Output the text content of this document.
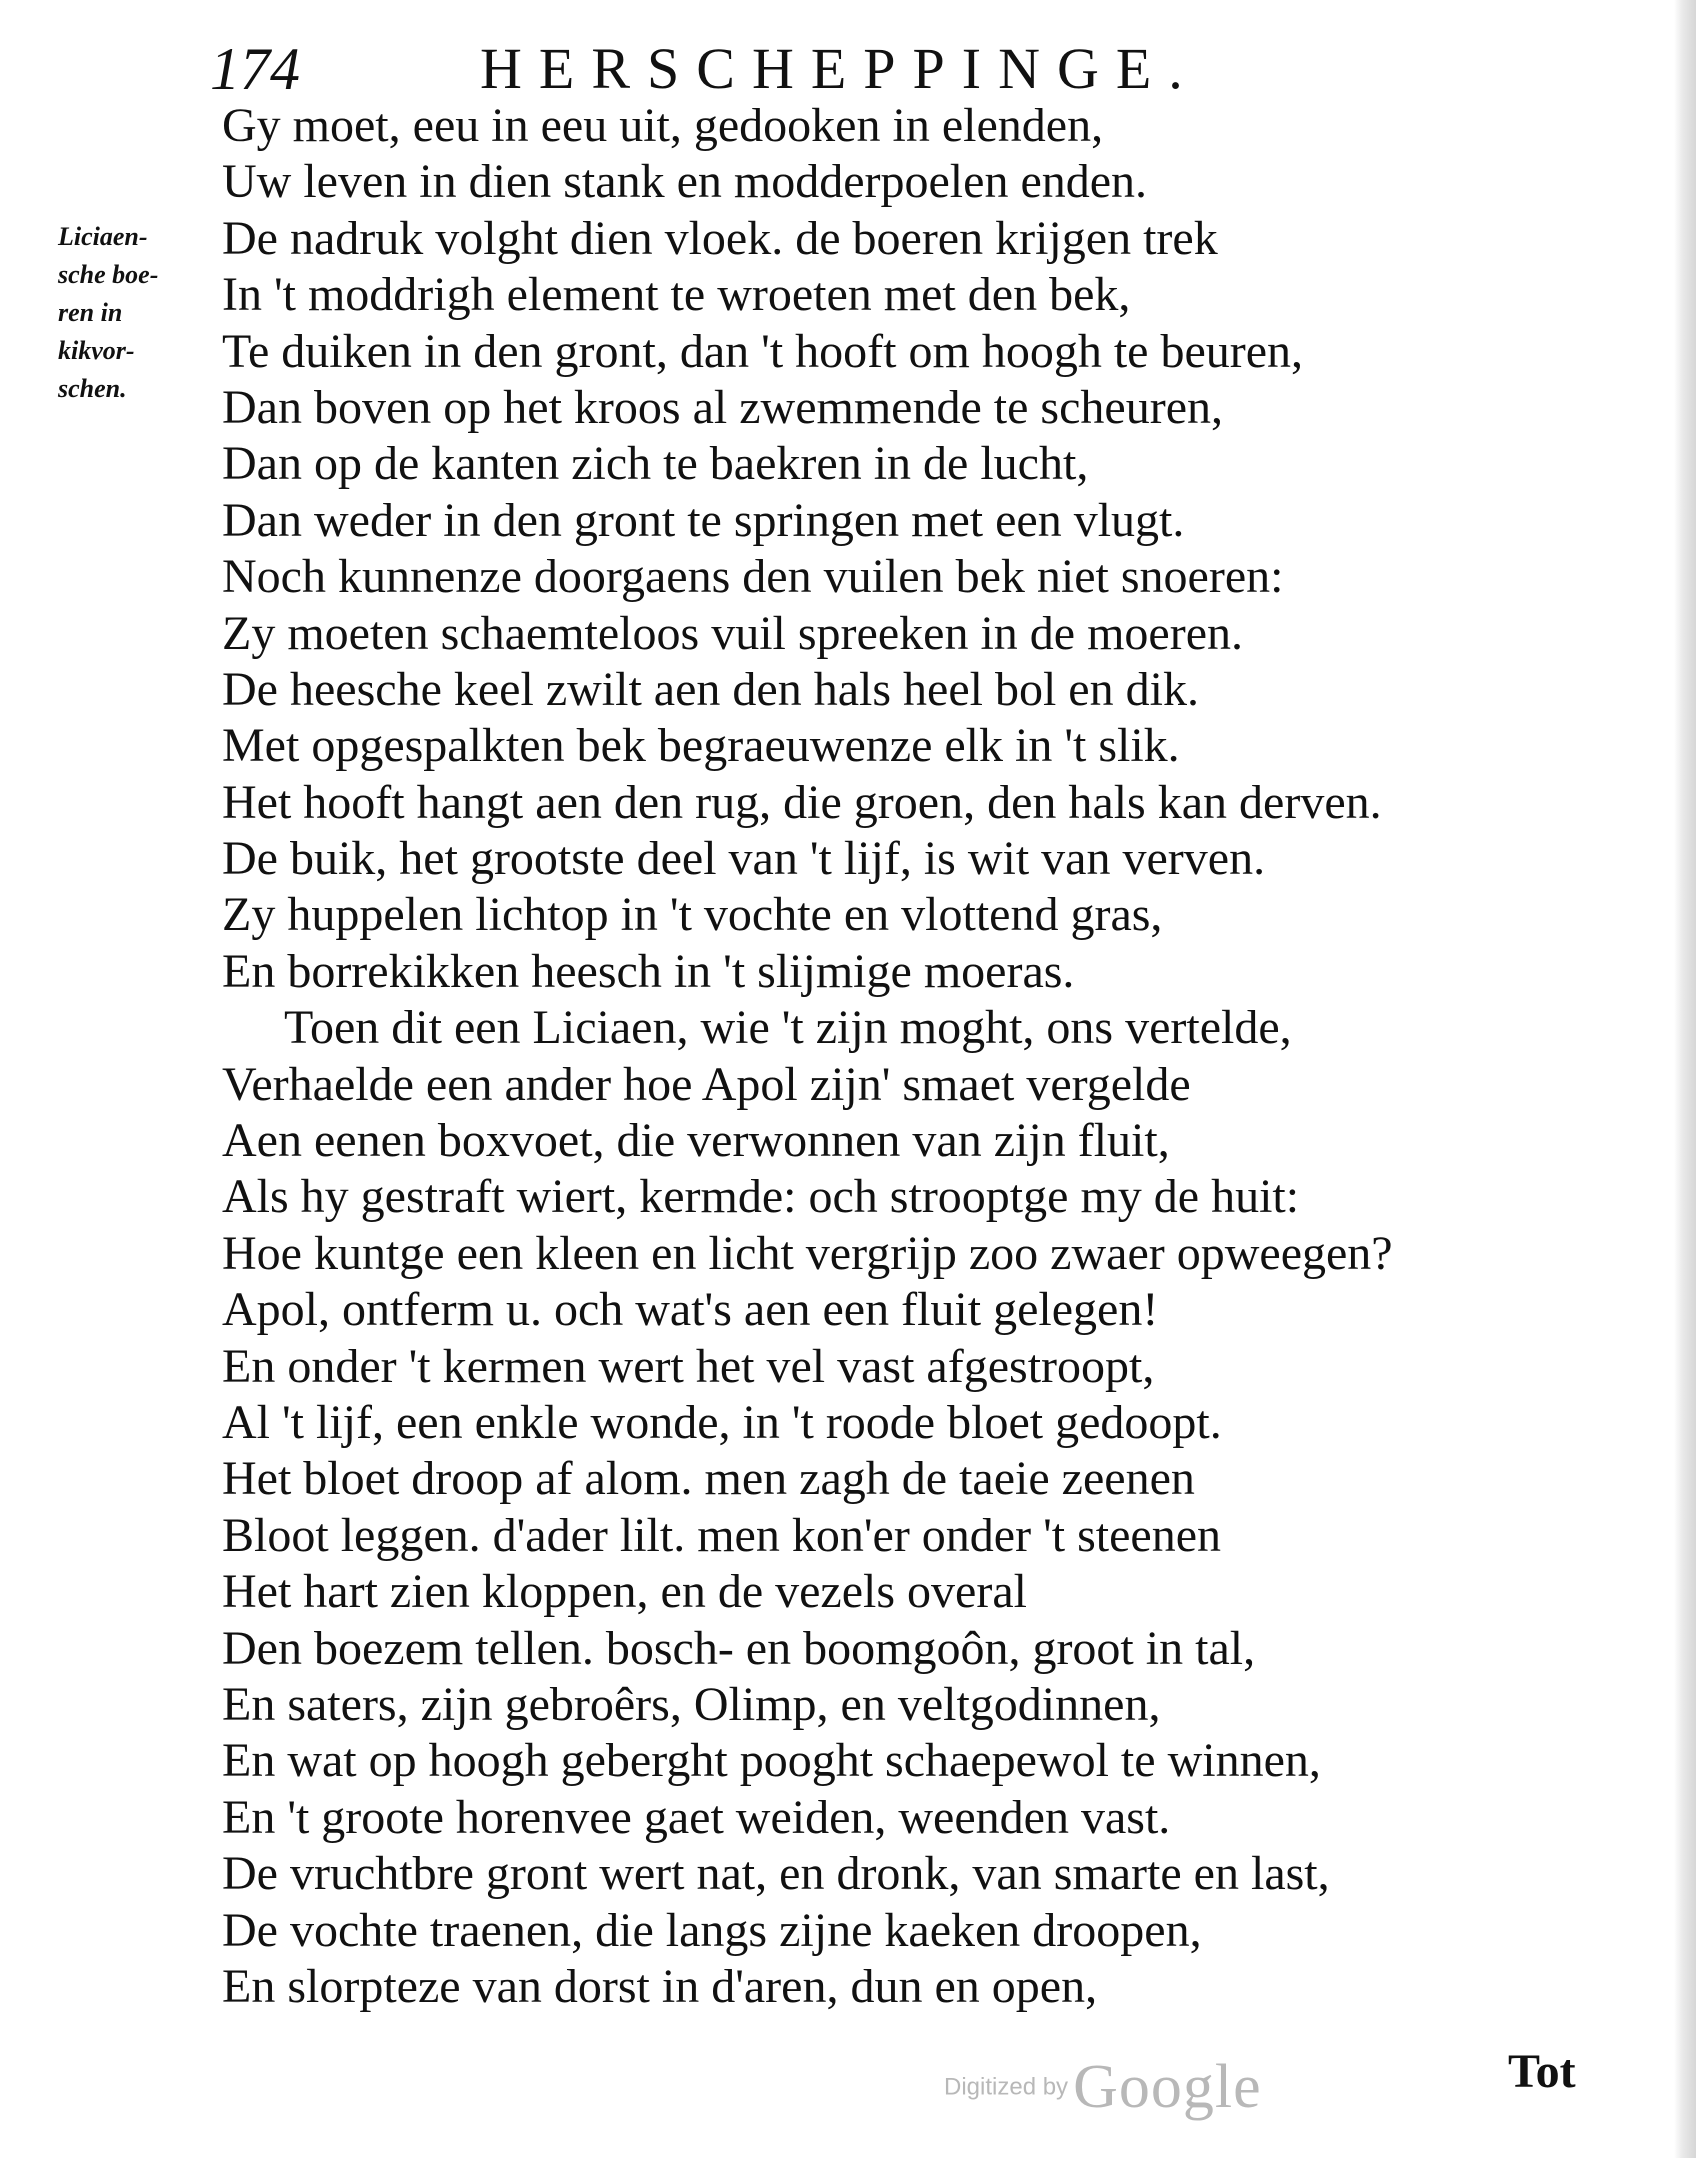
174	HERSCHEPPINGE.
Liciaen-
sche boe-
ren in
kikvor-
schen.
Gy moet, eeu in eeu uit, gedooken in elenden,
Uw leven in dien stank en modderpoelen enden.
De nadruk volght dien vloek. de boeren krijgen trek
In 't moddrigh element te wroeten met den bek,
Te duiken in den gront, dan 't hooft om hoogh te beuren,
Dan boven op het kroos al zwemmende te scheuren,
Dan op de kanten zich te baekren in de lucht,
Dan weder in den gront te springen met een vlugt.
Noch kunnenze doorgaens den vuilen bek niet snoeren:
Zy moeten schaemteloos vuil spreeken in de moeren.
De heesche keel zwilt aen den hals heel bol en dik.
Met opgespalkten bek begraeuwenze elk in 't slik.
Het hooft hangt aen den rug, die groen, den hals kan derven.
De buik, het grootste deel van 't lijf, is wit van verven.
Zy huppelen lichtop in 't vochte en vlottend gras,
En borrekikken heesch in 't slijmige moeras.
Toen dit een Liciaen, wie 't zijn moght, ons vertelde,
Verhaelde een ander hoe Apol zijn' smaet vergelde
Aen eenen boxvoet, die verwonnen van zijn fluit,
Als hy gestraft wiert, kermde: och strooptge my de huit:
Hoe kuntge een kleen en licht vergrijp zoo zwaer opweegen?
Apol, ontferm u. och wat's aen een fluit gelegen!
En onder 't kermen wert het vel vast afgestroopt,
Al 't lijf, een enkle wonde, in 't roode bloet gedoopt.
Het bloet droop af alom. men zagh de taeie zeenen
Bloot leggen. d'ader lilt. men kon'er onder 't steenen
Het hart zien kloppen, en de vezels overal
Den boezem tellen. bosch- en boomgoôn, groot in tal,
En saters, zijn gebroêrs, Olimp, en veltgodinnen,
En wat op hoogh geberght pooght schaepewol te winnen,
En 't groote horenvee gaet weiden, weenden vast.
De vruchtbre gront wert nat, en dronk, van smarte en last,
De vochte traenen, die langs zijne kaeken droopen,
En slorpteze van dorst in d'aren, dun en open,
Digitized by Google	Tot
